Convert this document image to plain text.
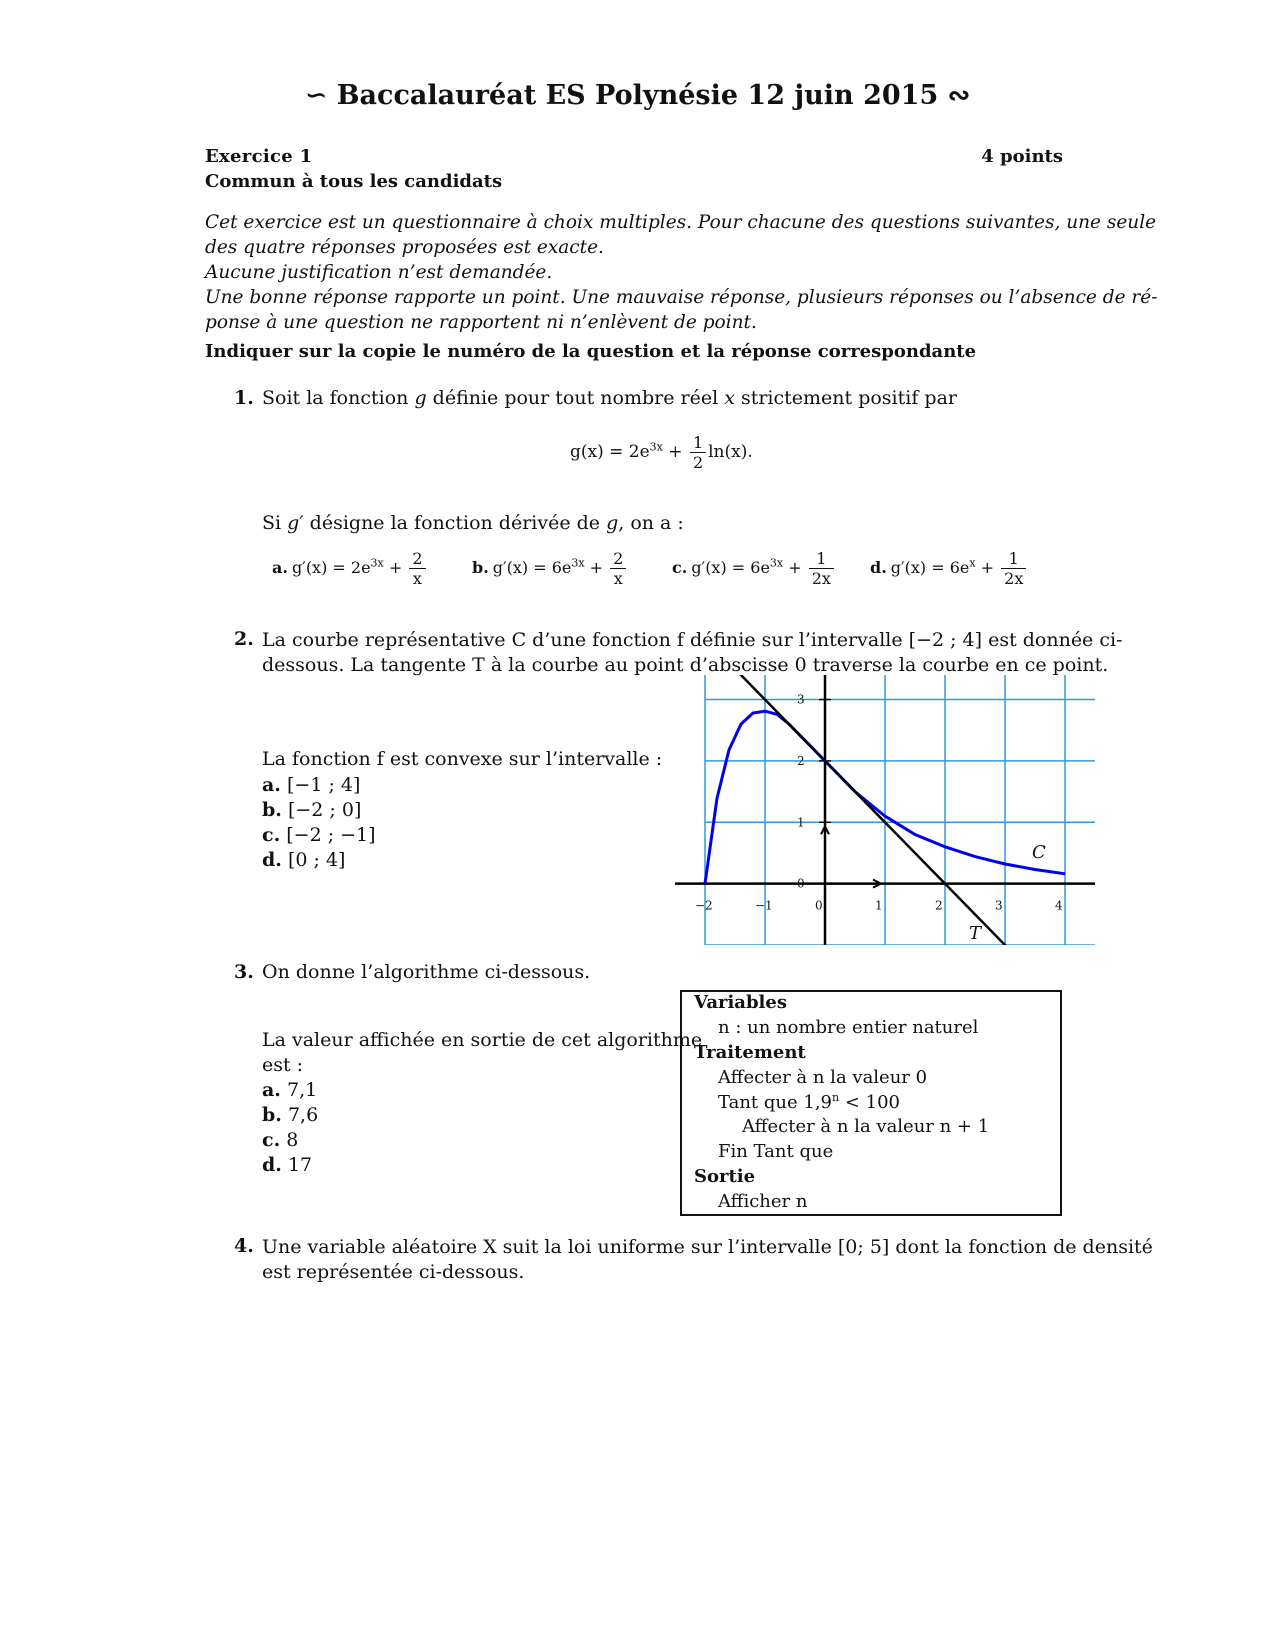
∽ Baccalauréat ES Polynésie 12 juin 2015 ∾
Exercice 1	4 points
Commun à tous les candidats
Cet exercice est un questionnaire à choix multiples. Pour chacune des questions suivantes, une seule
des quatre réponses proposées est exacte.
Aucune justification n’est demandée.
Une bonne réponse rapporte un point. Une mauvaise réponse, plusieurs réponses ou l’absence de ré-
ponse à une question ne rapportent ni n’enlèvent de point.
Indiquer sur la copie le numéro de la question et la réponse correspondante
1. Soit la fonction g définie pour tout nombre réel x strictement positif par
$g(x) = 2e^{3x} + \frac{1}{2} \ln(x)$.
Si g′ désigne la fonction dérivée de g, on a :
a. $g'(x) = 2e^{3x} + \frac{2}{x}$	b. $g'(x) = 6e^{3x} + \frac{2}{x}$	c. $g'(x) = 6e^{3x} + \frac{1}{2x} d$. $g'(x) = 6e^x + \frac{1}{2x}$
2. La courbe représentative C d’une fonction f définie sur l’intervalle [−2 ; 4] est donnée ci-
dessous. La tangente T à la courbe au point d’abscisse 0 traverse la courbe en ce point.
La fonction f est convexe sur l’intervalle :
a. [−1 ; 4]
b. [−2 ; 0]
c. [−2 ; −1]
d. [0 ; 4]
−2	−1	0	1	2	3	4
0
1
2
3
C
T
3. On donne l’algorithme ci-dessous.
La valeur affichée en sortie de cet algorithme
est :
a. 7,1
b. 7,6
c. 8
d. 17
Variables
n : un nombre entier naturel
Traitement
Affecter à n la valeur 0
Tant que $1,9^n < 100$
Affecter à n la valeur n + 1
Fin Tant que
Sortie
Afficher n
4. Une variable aléatoire X suit la loi uniforme sur l’intervalle [0; 5] dont la fonction de densité
est représentée ci-dessous.
